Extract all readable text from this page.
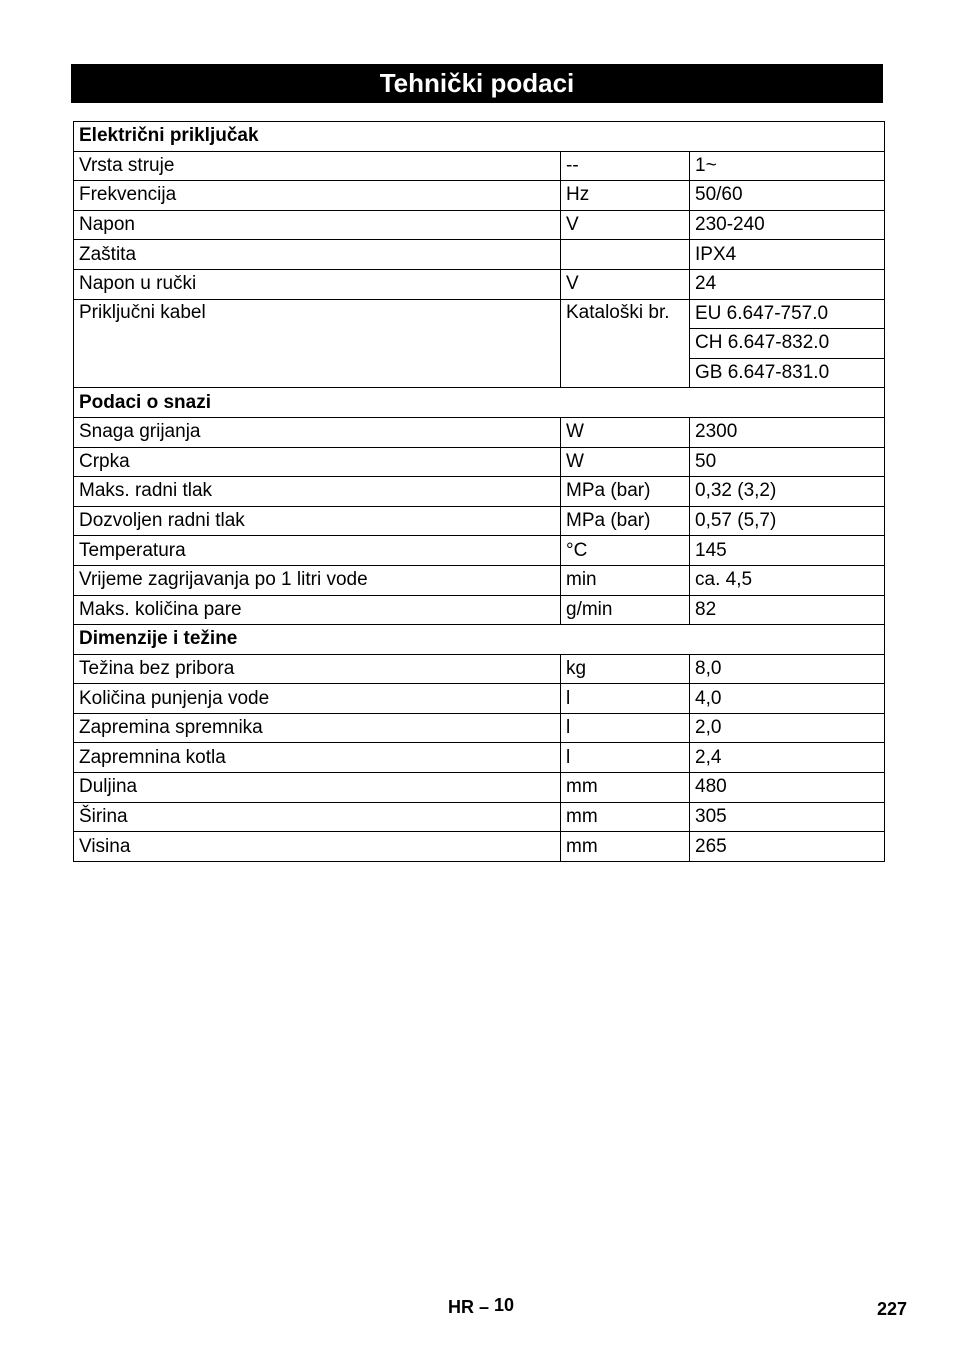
Tehnički podaci
Električni priključak		
Vrsta struje	--	1~
Frekvencija	Hz	50/60
Napon	V	230-240
Zaštita		IPX4
Napon u ručki	V	24
Priključni kabel	Kataloški br.	EU 6.647-757.0
		CH 6.647-832.0
		GB 6.647-831.0
Podaci o snazi		
Snaga grijanja	W	2300
Crpka	W	50
Maks. radni tlak	MPa (bar)	0,32 (3,2)
Dozvoljen radni tlak	MPa (bar)	0,57 (5,7)
Temperatura	°C	145
Vrijeme zagrijavanja po 1 litri vode	min	ca. 4,5
Maks. količina pare	g/min	82
Dimenzije i težine		
Težina bez pribora	kg	8,0
Količina punjenja vode	l	4,0
Zapremina spremnika	l	2,0
Zapremnina kotla	l	2,4
Duljina	mm	480
Širina	mm	305
Visina	mm	265
HR – 10	227
